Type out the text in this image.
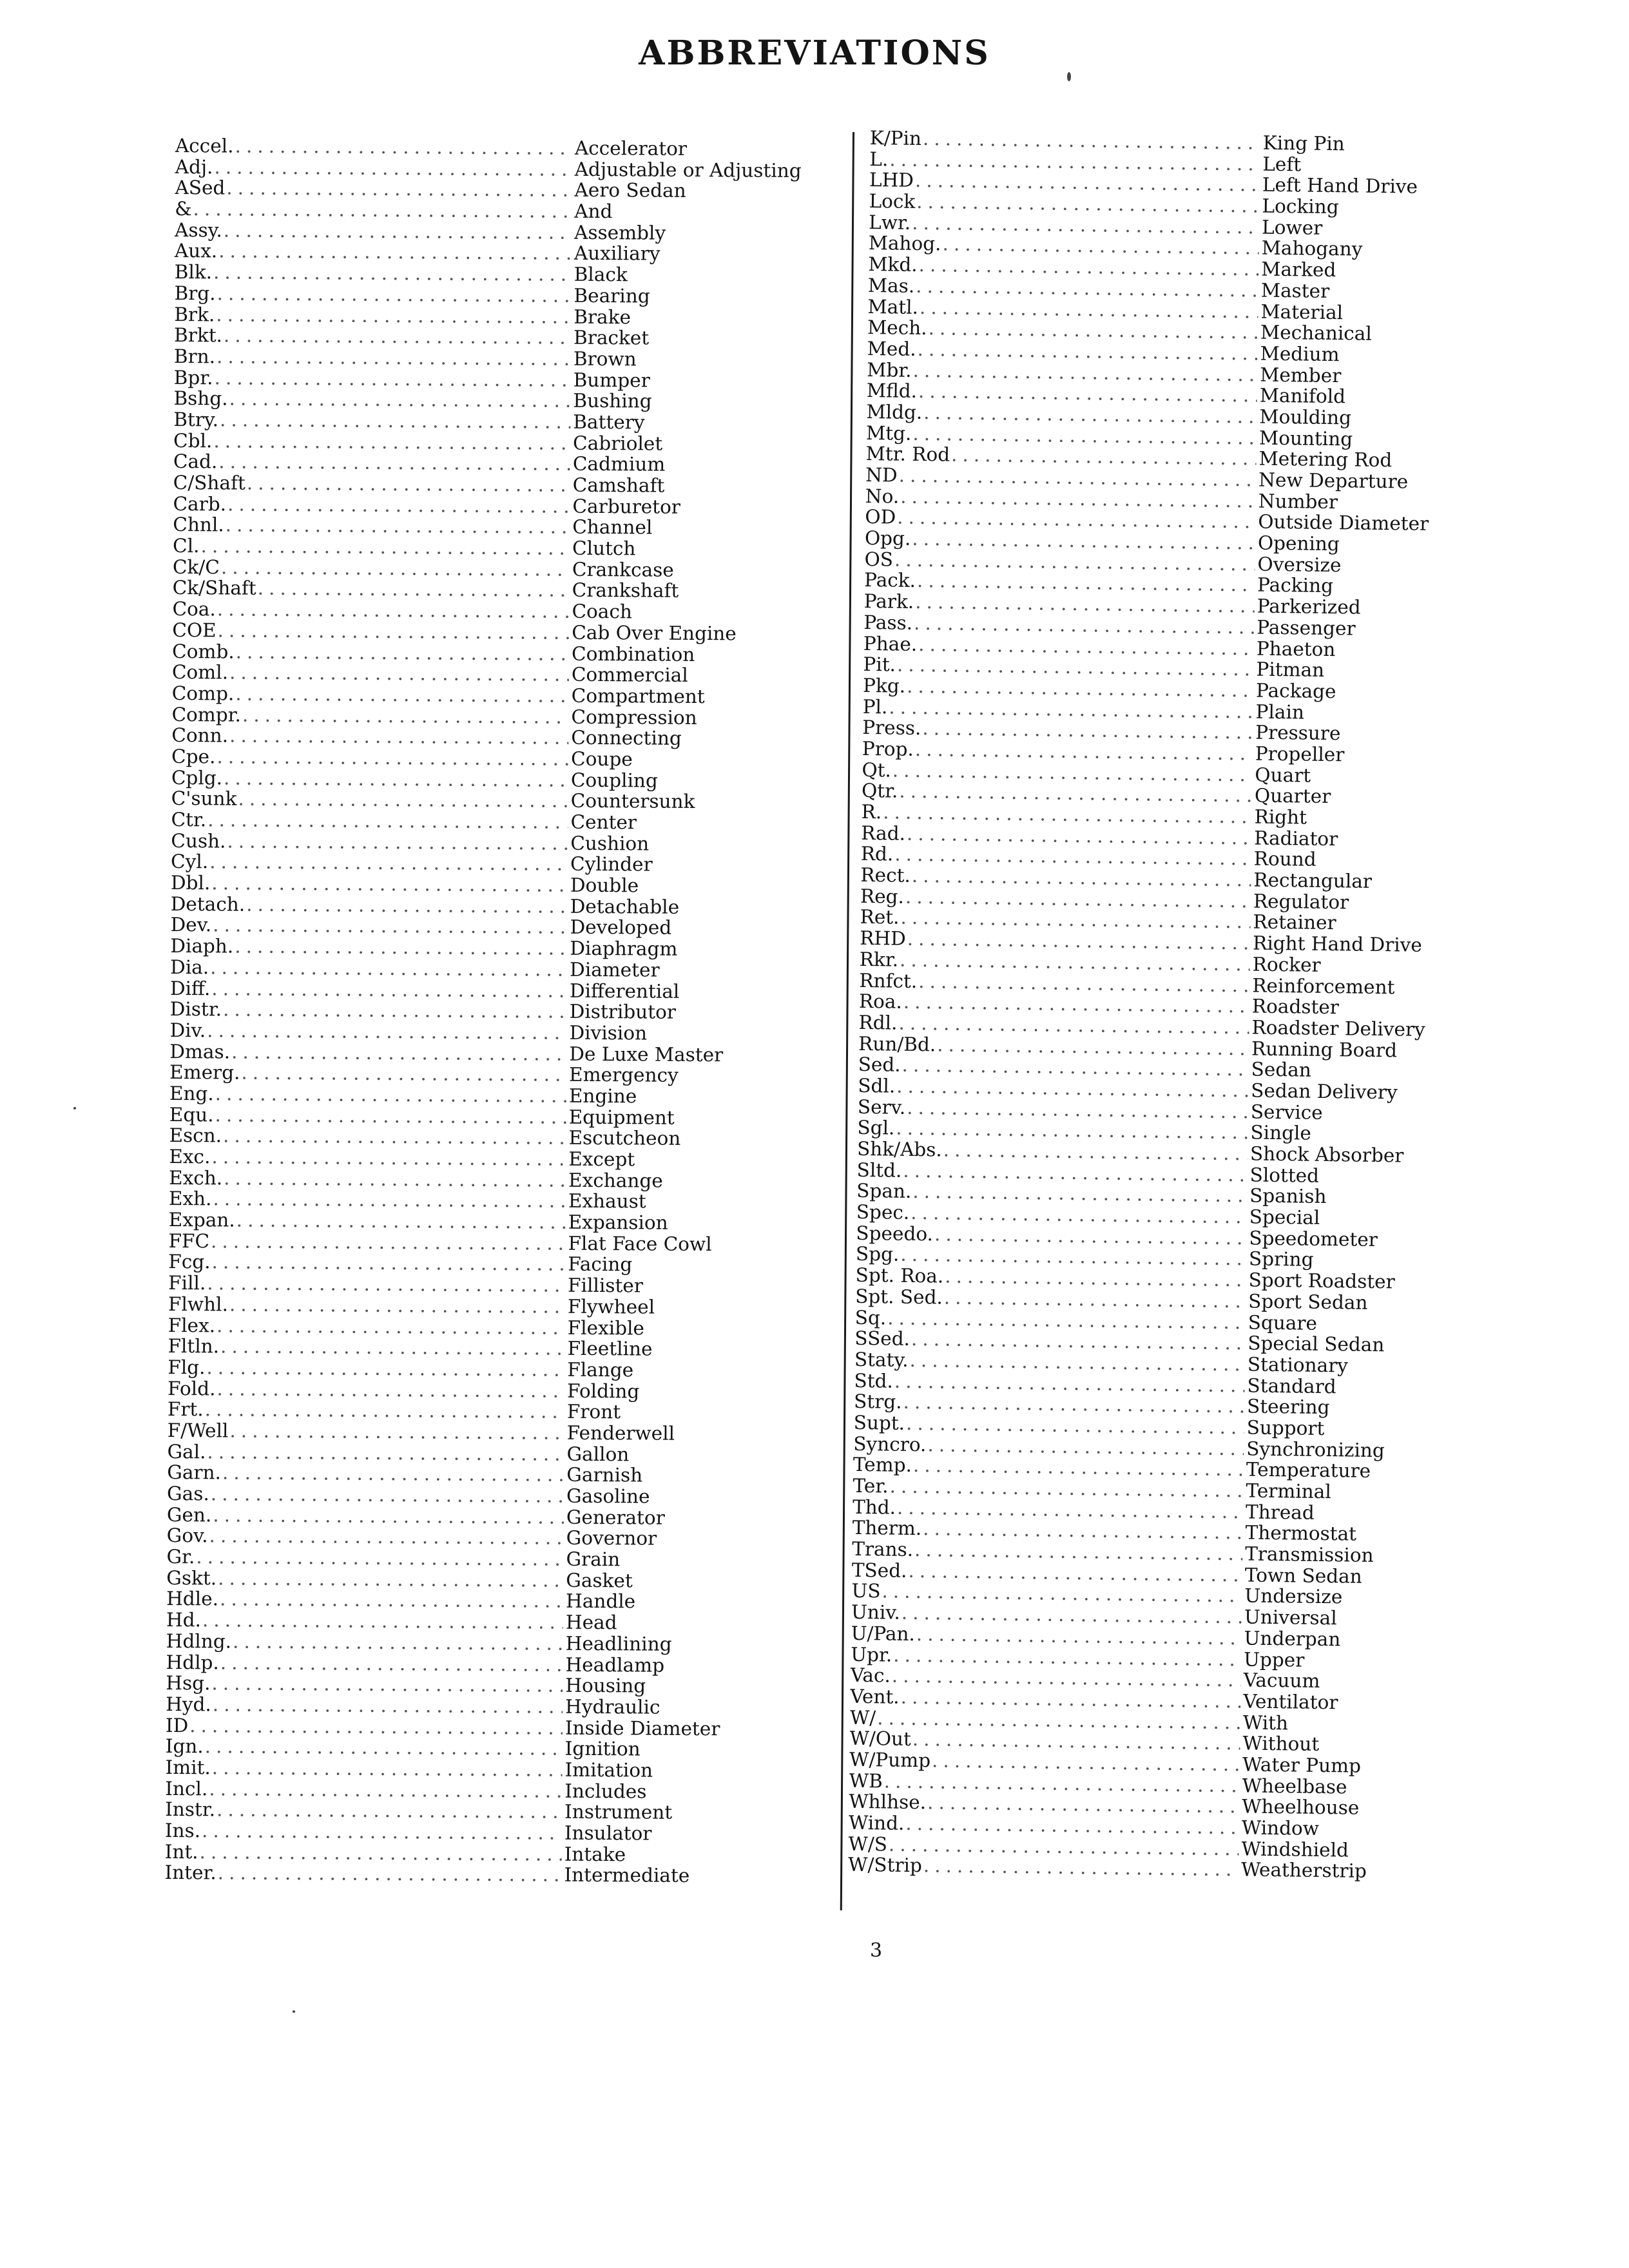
ABBREVIATIONS
Accel. .....	Accelerator
Adj. .....	Adjustable or Adjusting
ASed .....	Aero Sedan
& .....	And
Assy. .....	Assembly
Aux. .....	Auxiliary
Blk. .....	Black
Brg. .....	Bearing
Brk. .....	Brake
Brkt. .....	Bracket
Brn. .....	Brown
Bpr. .....	Bumper
Bshg. .....	Bushing
Btry. .....	Battery
Cbl. .....	Cabriolet
Cad. .....	Cadmium
C/Shaft .....	Camshaft
Carb. .....	Carburetor
Chnl. .....	Channel
Cl. .....	Clutch
Ck/C .....	Crankcase
Ck/Shaft .....	Crankshaft
Coa. .....	Coach
COE .....	Cab Over Engine
Comb. .....	Combination
Coml. .....	Commercial
Comp. .....	Compartment
Compr. .....	Compression
Conn. .....	Connecting
Cpe. .....	Coupe
Cplg. .....	Coupling
C'sunk .....	Countersunk
Ctr. .....	Center
Cush. .....	Cushion
Cyl. .....	Cylinder
Dbl. .....	Double
Detach. .....	Detachable
Dev. .....	Developed
Diaph. .....	Diaphragm
Dia. .....	Diameter
Diff. .....	Differential
Distr. .....	Distributor
Div. .....	Division
Dmas. .....	De Luxe Master
Emerg. .....	Emergency
Eng. .....	Engine
Equ. .....	Equipment
Escn. .....	Escutcheon
Exc. .....	Except
Exch. .....	Exchange
Exh. .....	Exhaust
Expan. .....	Expansion
FFC .....	Flat Face Cowl
Fcg. .....	Facing
Fill. .....	Fillister
Flwhl. .....	Flywheel
Flex. .....	Flexible
Fltln. .....	Fleetline
Flg. .....	Flange
Fold. .....	Folding
Frt. .....	Front
F/Well .....	Fenderwell
Gal. .....	Gallon
Garn. .....	Garnish
Gas. .....	Gasoline
Gen. .....	Generator
Gov. .....	Governor
Gr. .....	Grain
Gskt. .....	Gasket
Hdle. .....	Handle
Hd. .....	Head
Hdlng. .....	Headlining
Hdlp. .....	Headlamp
Hsg. .....	Housing
Hyd. .....	Hydraulic
ID .....	Inside Diameter
Ign. .....	Ignition
Imit. .....	Imitation
Incl. .....	Includes
Instr. .....	Instrument
Ins. .....	Insulator
Int. .....	Intake
Inter. .....	Intermediate
K/Pin .....	King Pin
L. .....	Left
LHD .....	Left Hand Drive
Lock .....	Locking
Lwr. .....	Lower
Mahog. .....	Mahogany
Mkd. .....	Marked
Mas. .....	Master
Matl. .....	Material
Mech. .....	Mechanical
Med. .....	Medium
Mbr. .....	Member
Mfld. .....	Manifold
Mldg. .....	Moulding
Mtg. .....	Mounting
Mtr. Rod .....	Metering Rod
ND .....	New Departure
No. .....	Number
OD .....	Outside Diameter
Opg. .....	Opening
OS .....	Oversize
Pack. .....	Packing
Park. .....	Parkerized
Pass. .....	Passenger
Phae. .....	Phaeton
Pit. .....	Pitman
Pkg. .....	Package
Pl. .....	Plain
Press. .....	Pressure
Prop. .....	Propeller
Qt. .....	Quart
Qtr. .....	Quarter
R. .....	Right
Rad. .....	Radiator
Rd. .....	Round
Rect. .....	Rectangular
Reg. .....	Regulator
Ret. .....	Retainer
RHD .....	Right Hand Drive
Rkr. .....	Rocker
Rnfct. .....	Reinforcement
Roa. .....	Roadster
Rdl. .....	Roadster Delivery
Run/Bd. .....	Running Board
Sed. .....	Sedan
Sdl. .....	Sedan Delivery
Serv. .....	Service
Sgl. .....	Single
Shk/Abs. .....	Shock Absorber
Sltd. .....	Slotted
Span. .....	Spanish
Spec. .....	Special
Speedo. .....	Speedometer
Spg. .....	Spring
Spt. Roa. .....	Sport Roadster
Spt. Sed. .....	Sport Sedan
Sq. .....	Square
SSed. .....	Special Sedan
Staty. .....	Stationary
Std. .....	Standard
Strg. .....	Steering
Supt. .....	Support
Syncro. .....	Synchronizing
Temp. .....	Temperature
Ter. .....	Terminal
Thd. .....	Thread
Therm. .....	Thermostat
Trans. .....	Transmission
TSed. .....	Town Sedan
US .....	Undersize
Univ. .....	Universal
U/Pan. .....	Underpan
Upr. .....	Upper
Vac. .....	Vacuum
Vent. .....	Ventilator
W/ .....	With
W/Out .....	Without
W/Pump .....	Water Pump
WB .....	Wheelbase
Whlhse. .....	Wheelhouse
Wind. .....	Window
W/S .....	Windshield
W/Strip .....	Weatherstrip
3
